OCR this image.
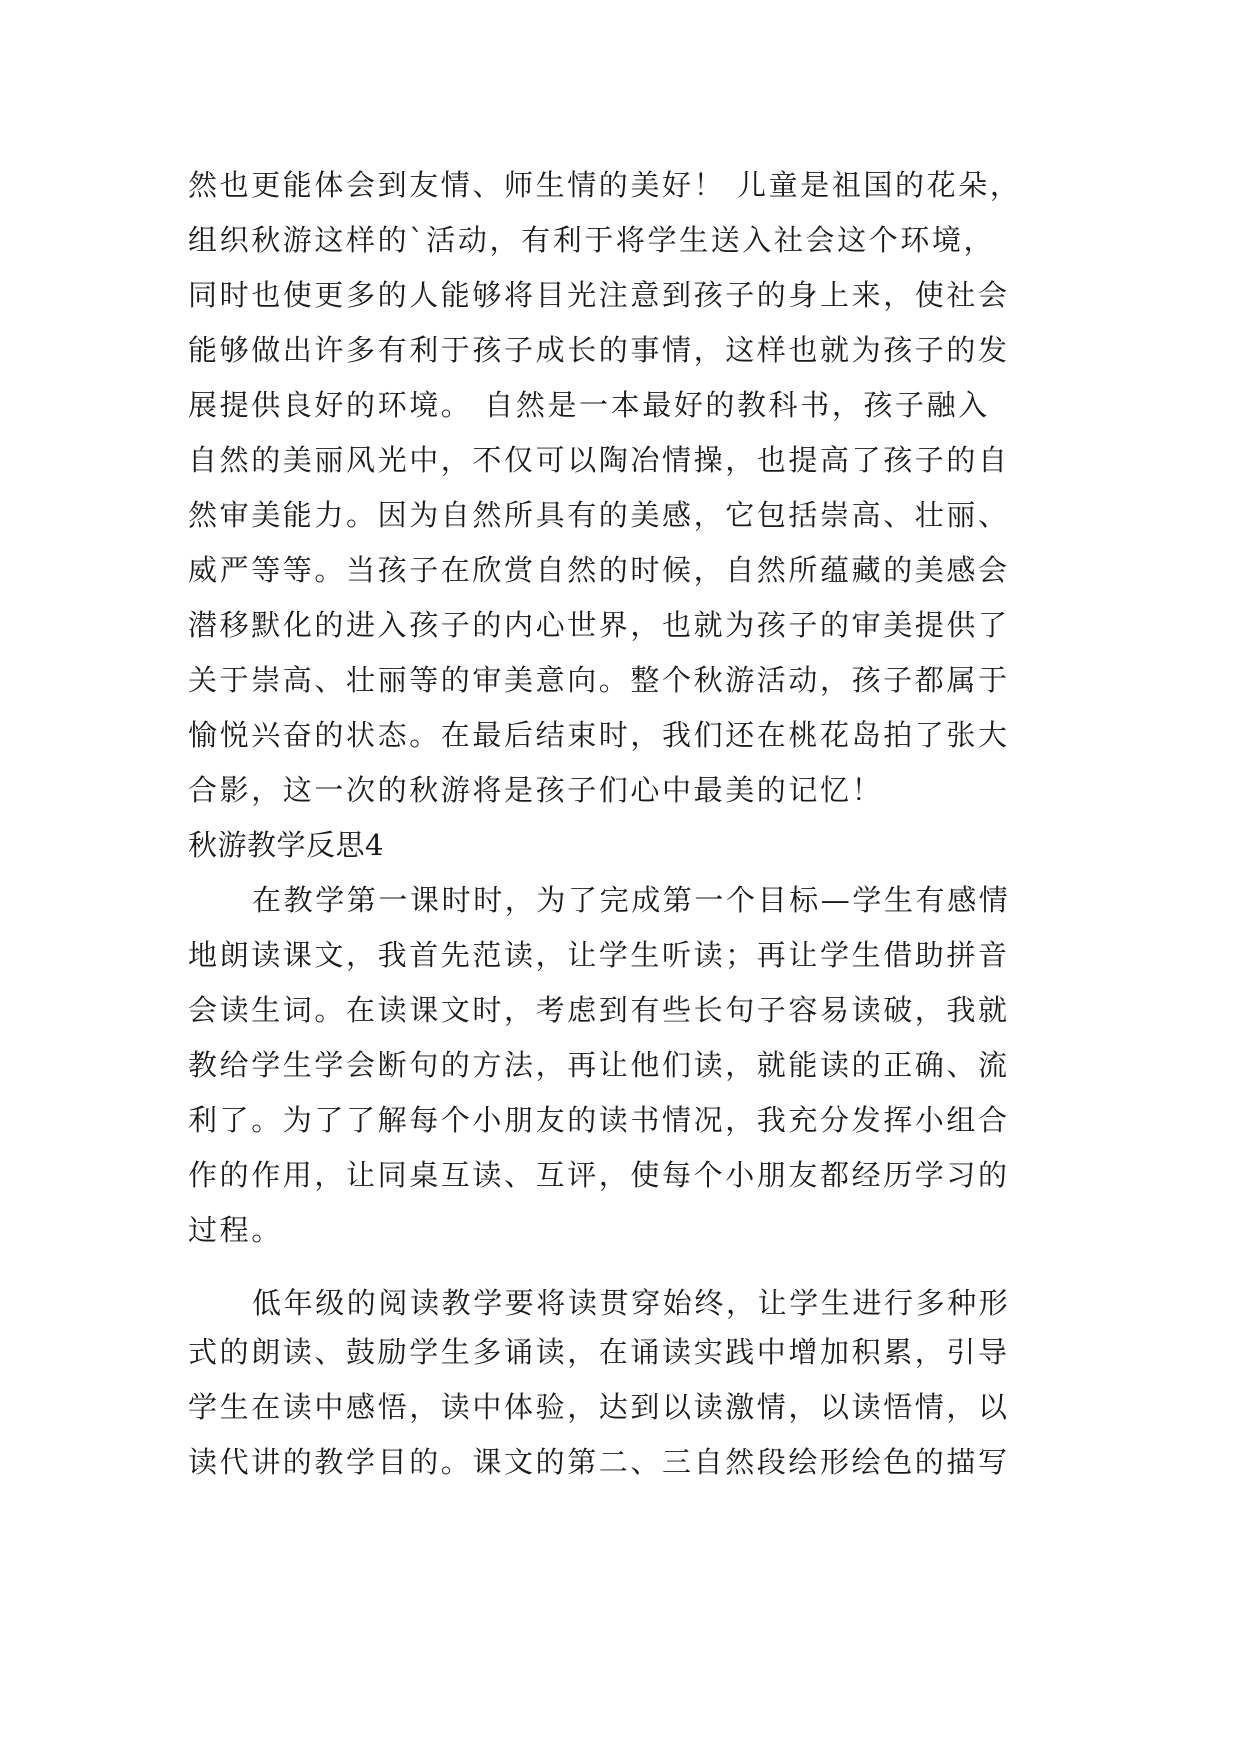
然也更能体会到友情、师生情的美好！ 儿童是祖国的花朵，
组织秋游这样的`活动，有利于将学生送入社会这个环境，
同时也使更多的人能够将目光注意到孩子的身上来，使社会
能够做出许多有利于孩子成长的事情，这样也就为孩子的发
展提供良好的环境。 自然是一本最好的教科书，孩子融入
自然的美丽风光中，不仅可以陶冶情操，也提高了孩子的自
然审美能力。因为自然所具有的美感，它包括崇高、壮丽、
威严等等。当孩子在欣赏自然的时候，自然所蕴藏的美感会
潜移默化的进入孩子的内心世界，也就为孩子的审美提供了
关于崇高、壮丽等的审美意向。整个秋游活动，孩子都属于
愉悦兴奋的状态。在最后结束时，我们还在桃花岛拍了张大
合影，这一次的秋游将是孩子们心中最美的记忆！
秋游教学反思4
在教学第一课时时，为了完成第一个目标—学生有感情
地朗读课文，我首先范读，让学生听读；再让学生借助拼音
会读生词。在读课文时，考虑到有些长句子容易读破，我就
教给学生学会断句的方法，再让他们读，就能读的正确、流
利了。为了了解每个小朋友的读书情况，我充分发挥小组合
作的作用，让同桌互读、互评，使每个小朋友都经历学习的
过程。
低年级的阅读教学要将读贯穿始终，让学生进行多种形
式的朗读、鼓励学生多诵读，在诵读实践中增加积累，引导
学生在读中感悟，读中体验，达到以读激情，以读悟情，以
读代讲的教学目的。课文的第二、三自然段绘形绘色的描写
